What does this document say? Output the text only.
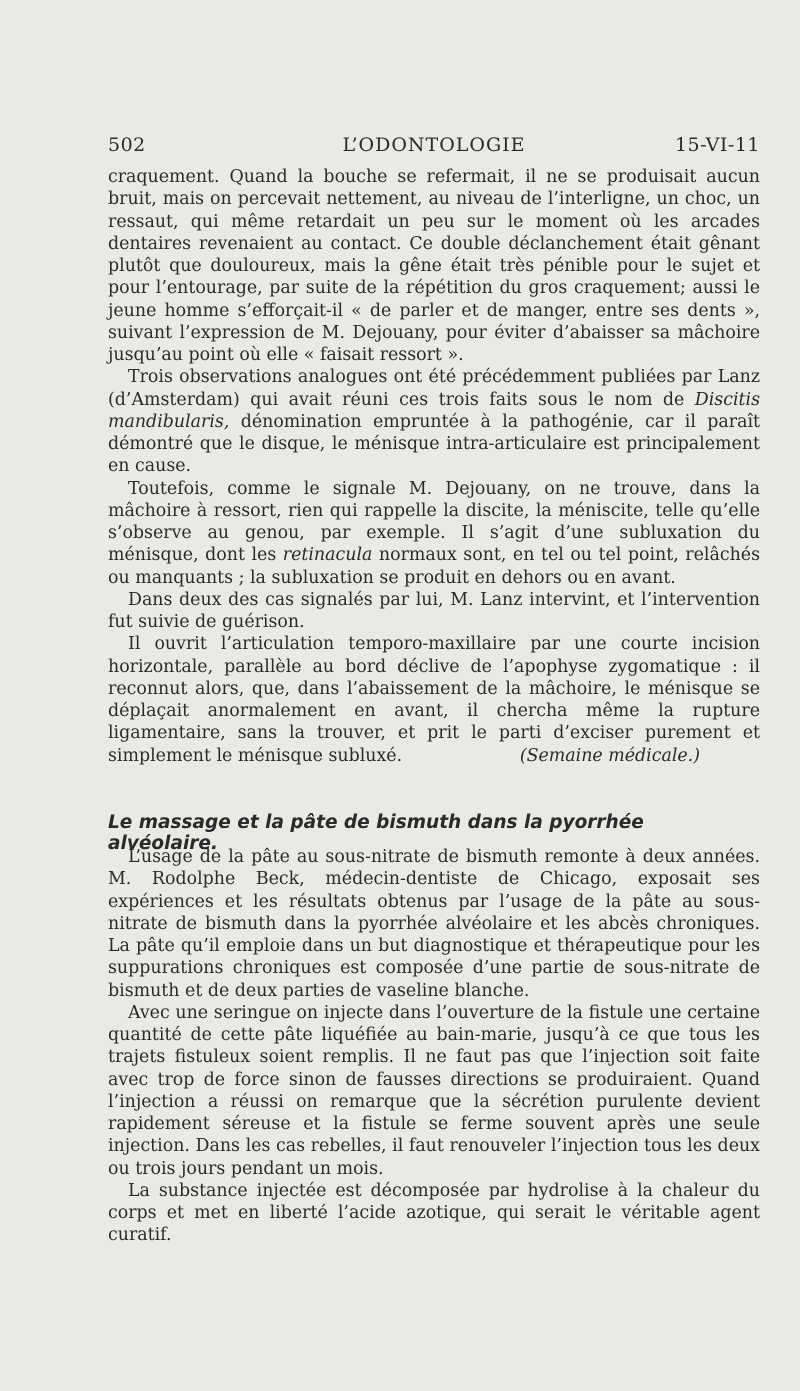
502	L’ODONTOLOGIE	15-VI-11

craquement. Quand la bouche se refermait, il ne se produisait aucun bruit, mais on percevait nettement, au niveau de l’interligne, un choc, un ressaut, qui même retardait un peu sur le moment où les arcades dentaires revenaient au contact. Ce double déclanchement était gênant plutôt que douloureux, mais la gêne était très pénible pour le sujet et pour l’entourage, par suite de la répétition du gros craquement; aussi le jeune homme s’efforçait-il « de parler et de manger, entre ses dents », suivant l’expression de M. Dejouany, pour éviter d’abaisser sa mâchoire jusqu’au point où elle « faisait ressort ».

Trois observations analogues ont été précédemment publiées par Lanz (d’Amsterdam) qui avait réuni ces trois faits sous le nom de Discitis mandibularis, dénomination empruntée à la pathogénie, car il paraît démontré que le disque, le ménisque intra-articulaire est principalement en cause.

Toutefois, comme le signale M. Dejouany, on ne trouve, dans la mâchoire à ressort, rien qui rappelle la discite, la méniscite, telle qu’elle s’observe au genou, par exemple. Il s’agit d’une subluxation du ménisque, dont les retinacula normaux sont, en tel ou tel point, relâchés ou manquants ; la subluxation se produit en dehors ou en avant.

Dans deux des cas signalés par lui, M. Lanz intervint, et l’intervention fut suivie de guérison.

Il ouvrit l’articulation temporo-maxillaire par une courte incision horizontale, parallèle au bord déclive de l’apophyse zygomatique : il reconnut alors, que, dans l’abaissement de la mâchoire, le ménisque se déplaçait anormalement en avant, il chercha même la rupture ligamentaire, sans la trouver, et prit le parti d’exciser purement et simplement le ménisque subluxé.	(Semaine médicale.)

Le massage et la pâte de bismuth dans la pyorrhée alvéolaire.

L’usage de la pâte au sous-nitrate de bismuth remonte à deux années. M. Rodolphe Beck, médecin-dentiste de Chicago, exposait ses expériences et les résultats obtenus par l’usage de la pâte au sous-nitrate de bismuth dans la pyorrhée alvéolaire et les abcès chroniques. La pâte qu’il emploie dans un but diagnostique et thérapeutique pour les suppurations chroniques est composée d’une partie de sous-nitrate de bismuth et de deux parties de vaseline blanche.

Avec une seringue on injecte dans l’ouverture de la fistule une certaine quantité de cette pâte liquéfiée au bain-marie, jusqu’à ce que tous les trajets fistuleux soient remplis. Il ne faut pas que l’injection soit faite avec trop de force sinon de fausses directions se produiraient. Quand l’injection a réussi on remarque que la sécrétion purulente devient rapidement séreuse et la fistule se ferme souvent après une seule injection. Dans les cas rebelles, il faut renouveler l’injection tous les deux ou trois jours pendant un mois.

La substance injectée est décomposée par hydrolise à la chaleur du corps et met en liberté l’acide azotique, qui serait le véritable agent curatif.
